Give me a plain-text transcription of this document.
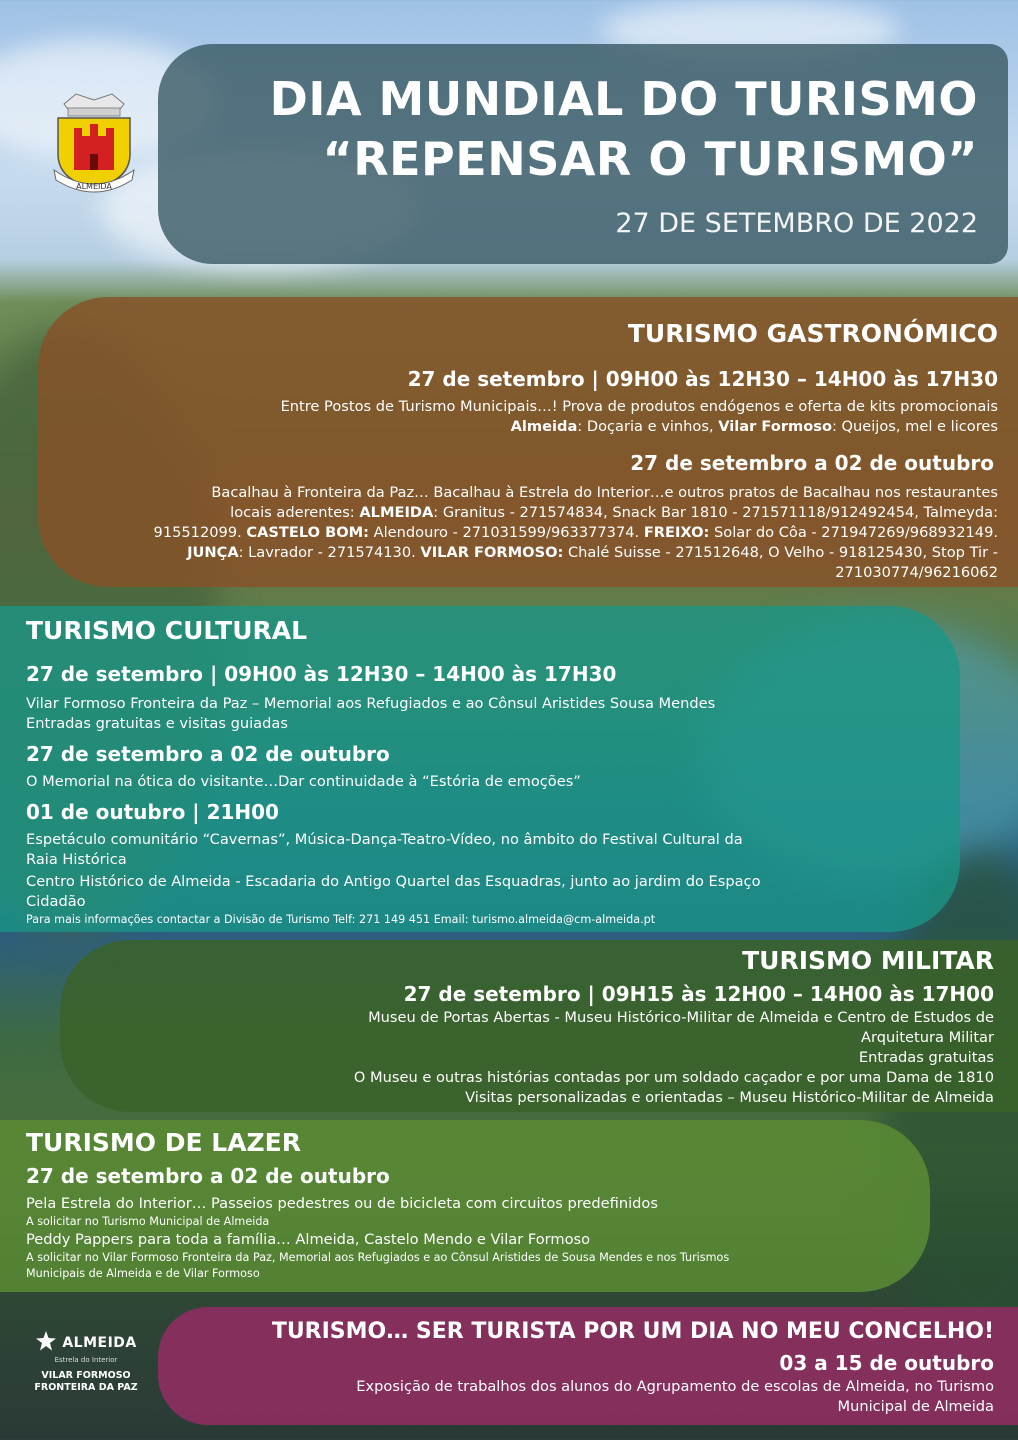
ALMEIDA
DIA MUNDIAL DO TURISMO
“REPENSAR O TURISMO”
27 DE SETEMBRO DE 2022
TURISMO GASTRONÓMICO
27 de setembro | 09H00 às 12H30 – 14H00 às 17H30
Entre Postos de Turismo Municipais…! Prova de produtos endógenos e oferta de kits promocionais
Almeida: Doçaria e vinhos, Vilar Formoso: Queijos, mel e licores
27 de setembro a 02 de outubro
Bacalhau à Fronteira da Paz… Bacalhau à Estrela do Interior…e outros pratos de Bacalhau nos restaurantes
locais aderentes: ALMEIDA: Granitus - 271574834, Snack Bar 1810 - 271571118/912492454, Talmeyda:
915512099. CASTELO BOM: Alendouro - 271031599/963377374. FREIXO: Solar do Côa - 271947269/968932149.
JUNÇA: Lavrador - 271574130. VILAR FORMOSO: Chalé Suisse - 271512648, O Velho - 918125430, Stop Tir -
271030774/96216062
TURISMO CULTURAL
27 de setembro | 09H00 às 12H30 – 14H00 às 17H30
Vilar Formoso Fronteira da Paz – Memorial aos Refugiados e ao Cônsul Aristides Sousa Mendes
Entradas gratuitas e visitas guiadas
27 de setembro a 02 de outubro
O Memorial na ótica do visitante…Dar continuidade à “Estória de emoções”
01 de outubro | 21H00
Espetáculo comunitário “Cavernas”, Música-Dança-Teatro-Vídeo, no âmbito do Festival Cultural da
Raia Histórica
Centro Histórico de Almeida - Escadaria do Antigo Quartel das Esquadras, junto ao jardim do Espaço
Cidadão
Para mais informações contactar a Divisão de Turismo Telf: 271 149 451 Email: turismo.almeida@cm-almeida.pt
TURISMO MILITAR
27 de setembro | 09H15 às 12H00 – 14H00 às 17H00
Museu de Portas Abertas - Museu Histórico-Militar de Almeida e Centro de Estudos de
Arquitetura Militar
Entradas gratuitas
O Museu e outras histórias contadas por um soldado caçador e por uma Dama de 1810
Visitas personalizadas e orientadas – Museu Histórico-Militar de Almeida
TURISMO DE LAZER
27 de setembro a 02 de outubro
Pela Estrela do Interior… Passeios pedestres ou de bicicleta com circuitos predefinidos
A solicitar no Turismo Municipal de Almeida
Peddy Pappers para toda a família… Almeida, Castelo Mendo e Vilar Formoso
A solicitar no Vilar Formoso Fronteira da Paz, Memorial aos Refugiados e ao Cônsul Aristides de Sousa Mendes e nos Turismos
Municipais de Almeida e de Vilar Formoso
TURISMO… SER TURISTA POR UM DIA NO MEU CONCELHO!
03 a 15 de outubro
Exposição de trabalhos dos alunos do Agrupamento de escolas de Almeida, no Turismo
Municipal de Almeida
ALMEIDA
Estrela do Interior
VILAR FORMOSO
FRONTEIRA DA PAZ
